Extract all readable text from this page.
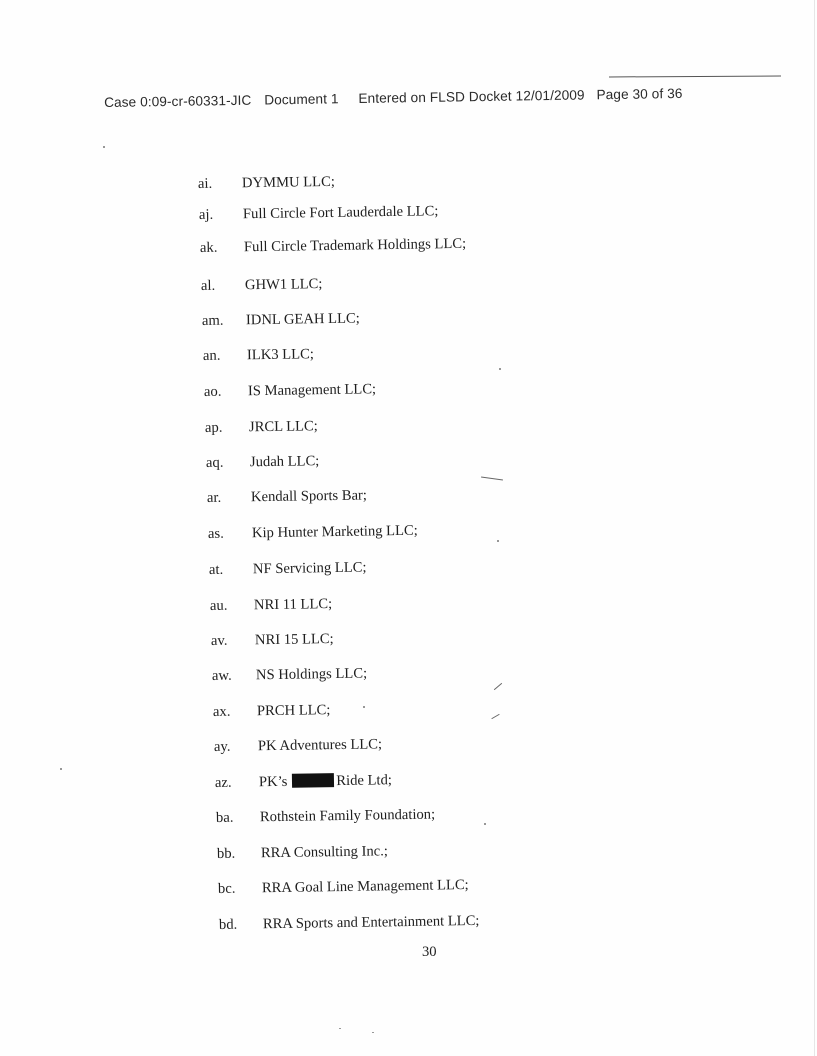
Case 0:09-cr-60331-JIC Document 1 Entered on FLSD Docket 12/01/2009 Page 30 of 36
ai. DYMMU LLC;
aj. Full Circle Fort Lauderdale LLC;
ak. Full Circle Trademark Holdings LLC;
al. GHW1 LLC;
am. IDNL GEAH LLC;
an. ILK3 LLC;
ao. IS Management LLC;
ap. JRCL LLC;
aq. Judah LLC;
ar. Kendall Sports Bar;
as. Kip Hunter Marketing LLC;
at. NF Servicing LLC;
au. NRI 11 LLC;
av. NRI 15 LLC;
aw. NS Holdings LLC;
ax. PRCH LLC;
ay. PK Adventures LLC;
az. PK’s	Ride Ltd;
ba. Rothstein Family Foundation;
bb. RRA Consulting Inc.;
bc. RRA Goal Line Management LLC;
bd. RRA Sports and Entertainment LLC;
30
